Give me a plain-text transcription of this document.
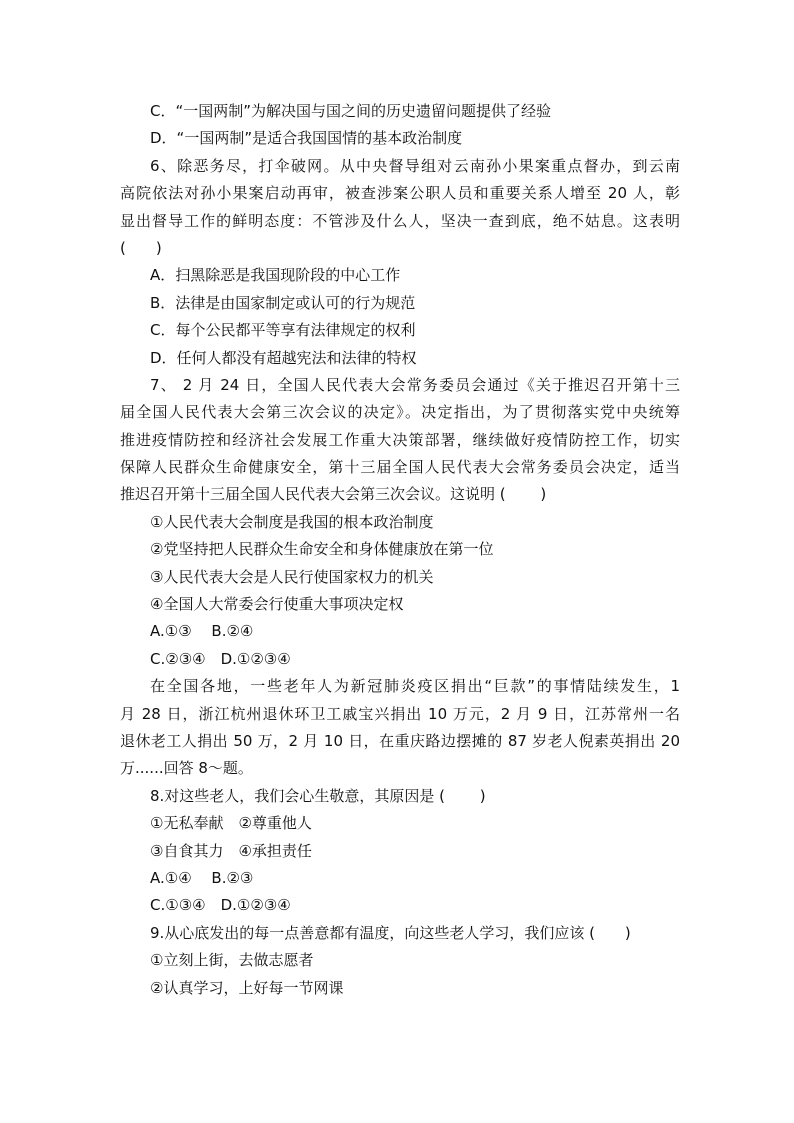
C．“一国两制”为解决国与国之间的历史遗留问题提供了经验
D．“一国两制”是适合我国国情的基本政治制度
6、除恶务尽，打伞破网。从中央督导组对云南孙小果案重点督办，到云南
高院依法对孙小果案启动再审，被查涉案公职人员和重要关系人增至 20 人，彰
显出督导工作的鲜明态度：不管涉及什么人，坚决一查到底，绝不姑息。这表明
(　　)
A．扫黑除恶是我国现阶段的中心工作
B．法律是由国家制定或认可的行为规范
C．每个公民都平等享有法律规定的权利
D．任何人都没有超越宪法和法律的特权
7、 2 月 24 日，全国人民代表大会常务委员会通过《关于推迟召开第十三
届全国人民代表大会第三次会议的决定》。决定指出，为了贯彻落实党中央统筹
推进疫情防控和经济社会发展工作重大决策部署，继续做好疫情防控工作，切实
保障人民群众生命健康安全，第十三届全国人民代表大会常务委员会决定，适当
推迟召开第十三届全国人民代表大会第三次会议。这说明 (　　 )
①人民代表大会制度是我国的根本政治制度
②党坚持把人民群众生命安全和身体健康放在第一位
③人民代表大会是人民行使国家权力的机关
④全国人大常委会行使重大事项决定权
A.①③　 B.②④
C.②③④　D.①②③④
在全国各地，一些老年人为新冠肺炎疫区捐出“巨款”的事情陆续发生，1
月 28 日，浙江杭州退休环卫工戚宝兴捐出 10 万元，2 月 9 日，江苏常州一名
退休老工人捐出 50 万，2 月 10 日，在重庆路边摆摊的 87 岁老人倪素英捐出 20
万......回答 8～题。
8.对这些老人，我们会心生敬意，其原因是 (　　 )
①无私奉献　②尊重他人
③自食其力　④承担责任
A.①④　 B.②③
C.①③④　D.①②③④
9.从心底发出的每一点善意都有温度，向这些老人学习，我们应该 (　　)
①立刻上街，去做志愿者
②认真学习，上好每一节网课
